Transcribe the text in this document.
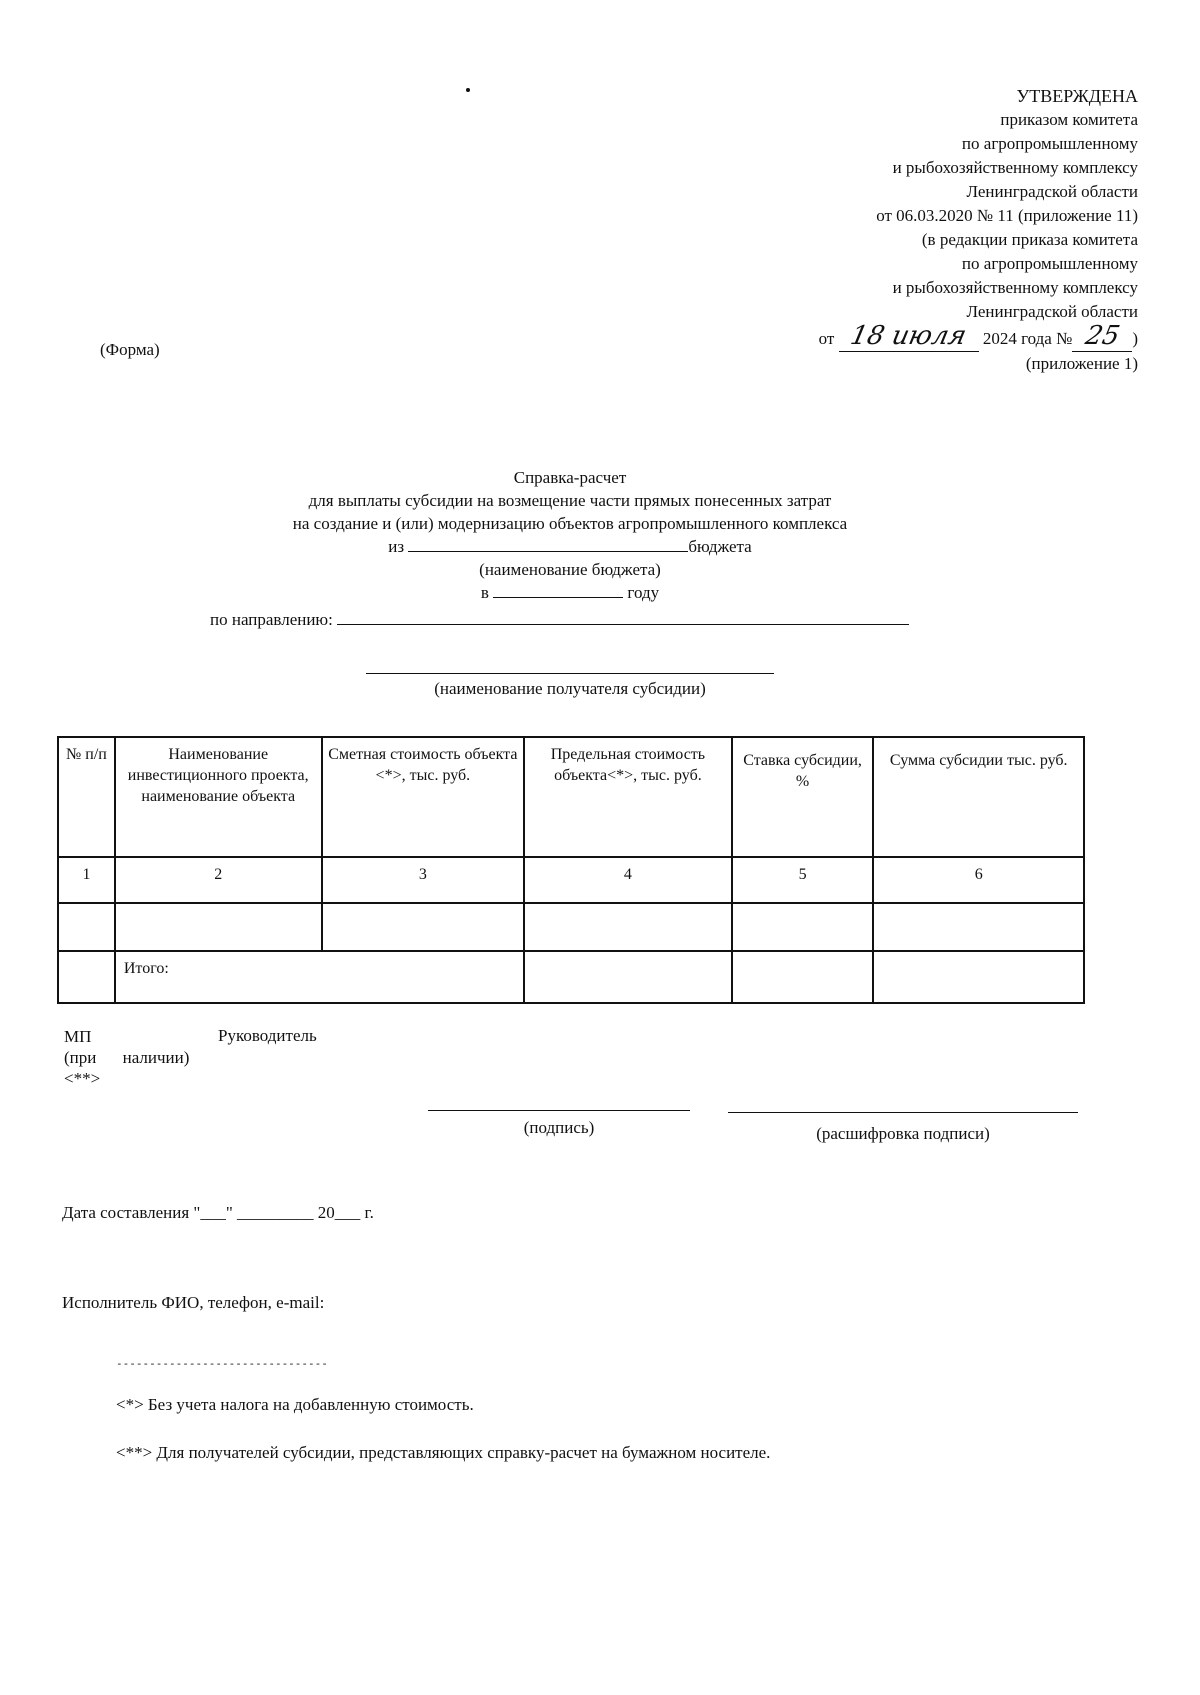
УТВЕРЖДЕНА
приказом комитета
по агропромышленному
и рыбохозяйственному комплексу
Ленинградской области
от 06.03.2020 № 11 (приложение 11)
(в редакции приказа комитета
по агропромышленному
и рыбохозяйственному комплексу
Ленинградской области
от 18 июля 2024 года № 25 )
(приложение 1)
(Форма)
Справка-расчет
для выплаты субсидии на возмещение части прямых понесенных затрат
на создание и (или) модернизацию объектов агропромышленного комплекса
из	бюджета
(наименование бюджета)
в	году
по направлению:
(наименование получателя субсидии)
№ п/п	Наименование инвестиционного проекта, наименование объекта	Сметная стоимость объекта <*>, тыс. руб.	Предельная стоимость объекта<*>, тыс. руб.	Ставка субсидии, %	Сумма субсидии тыс. руб.
1	2	3	4	5	6

	Итого:				
МП
(при наличии)
<**>
Руководитель
(подпись)	(расшифровка подписи)
Дата составления "___" _________ 20___ г.
Исполнитель ФИО, телефон, e-mail:
--------------------------------
<*> Без учета налога на добавленную стоимость.
<**> Для получателей субсидии, представляющих справку-расчет на бумажном носителе.
